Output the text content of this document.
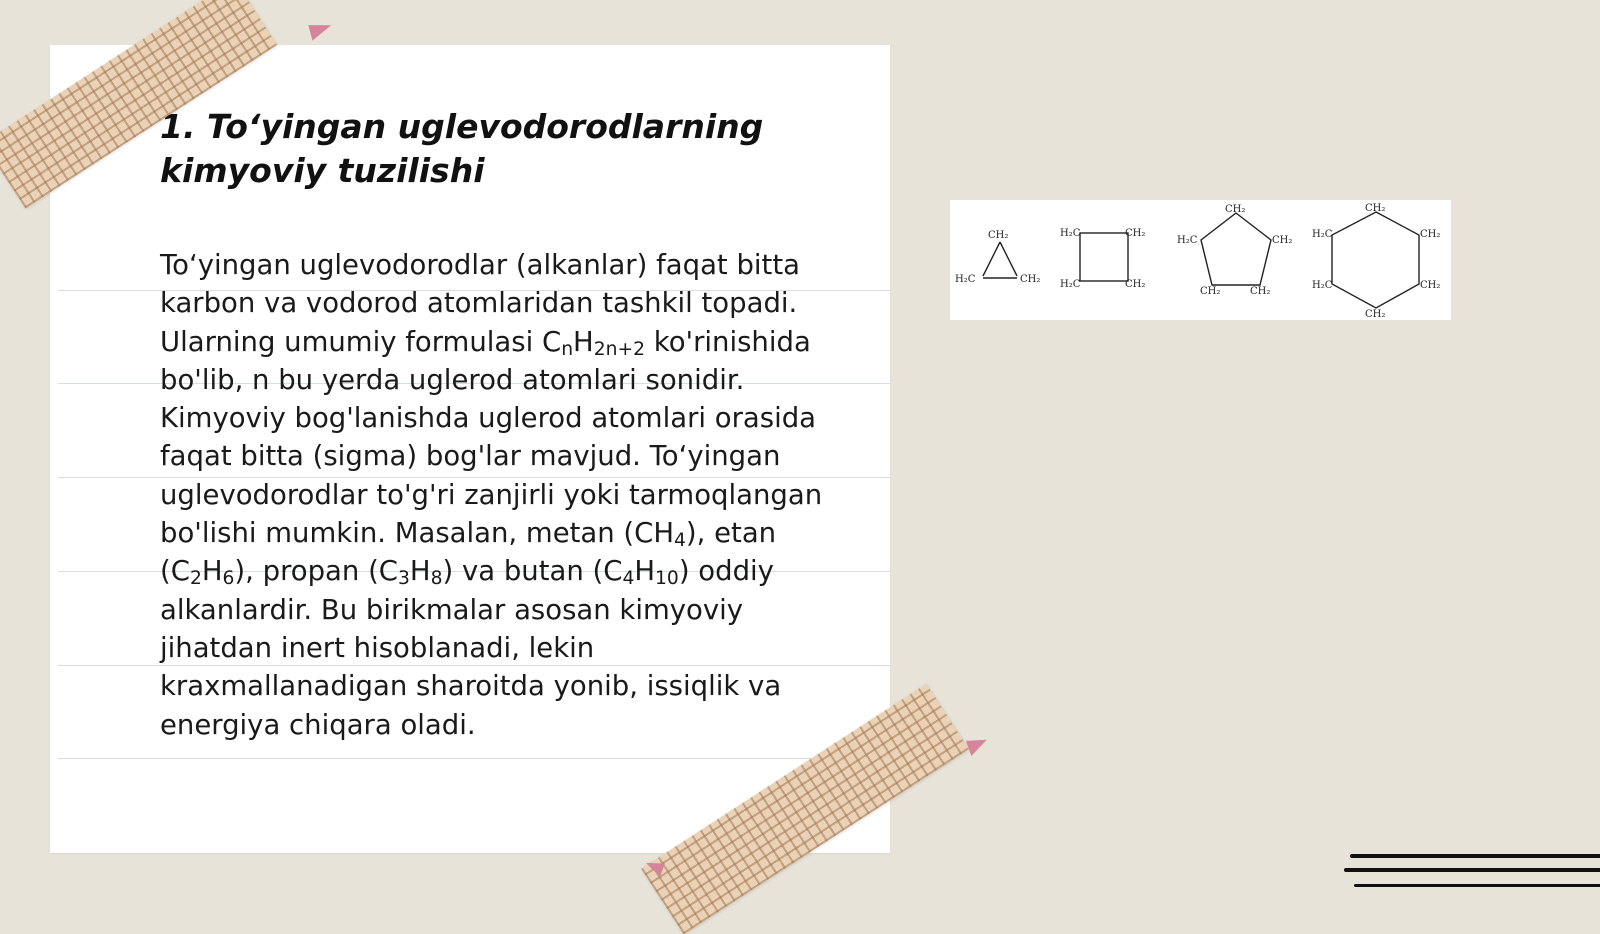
1. To‘yingan uglevodorodlarning
kimyoviy tuzilishi

To‘yingan uglevodorodlar (alkanlar) faqat bitta karbon va vodorod atomlaridan tashkil topadi. Ularning umumiy formulasi $C_nH_{2n+2}$ ko'rinishida bo'lib, n bu yerda uglerod atomlari sonidir. Kimyoviy bog'lanishda uglerod atomlari orasida faqat bitta (sigma) bog'lar mavjud. To‘yingan uglevodorodlar to'g'ri zanjirli yoki tarmoqlangan bo'lishi mumkin. Masalan, metan $(CH_4)$, etan $(C_2H_6)$, propan $(C_3H_8)$ va butan $(C_4H_{10})$ oddiy alkanlardir. Bu birikmalar asosan kimyoviy jihatdan inert hisoblanadi, lekin kraxmallanadigan sharoitda yonib, issiqlik va energiya chiqara oladi.

CH₂
H₂C	CH₂
H₂C	CH₂
H₂C	CH₂
CH₂
H₂C	CH₂
CH₂	CH₂
CH₂
H₂C	CH₂
H₂C	CH₂
CH₂
